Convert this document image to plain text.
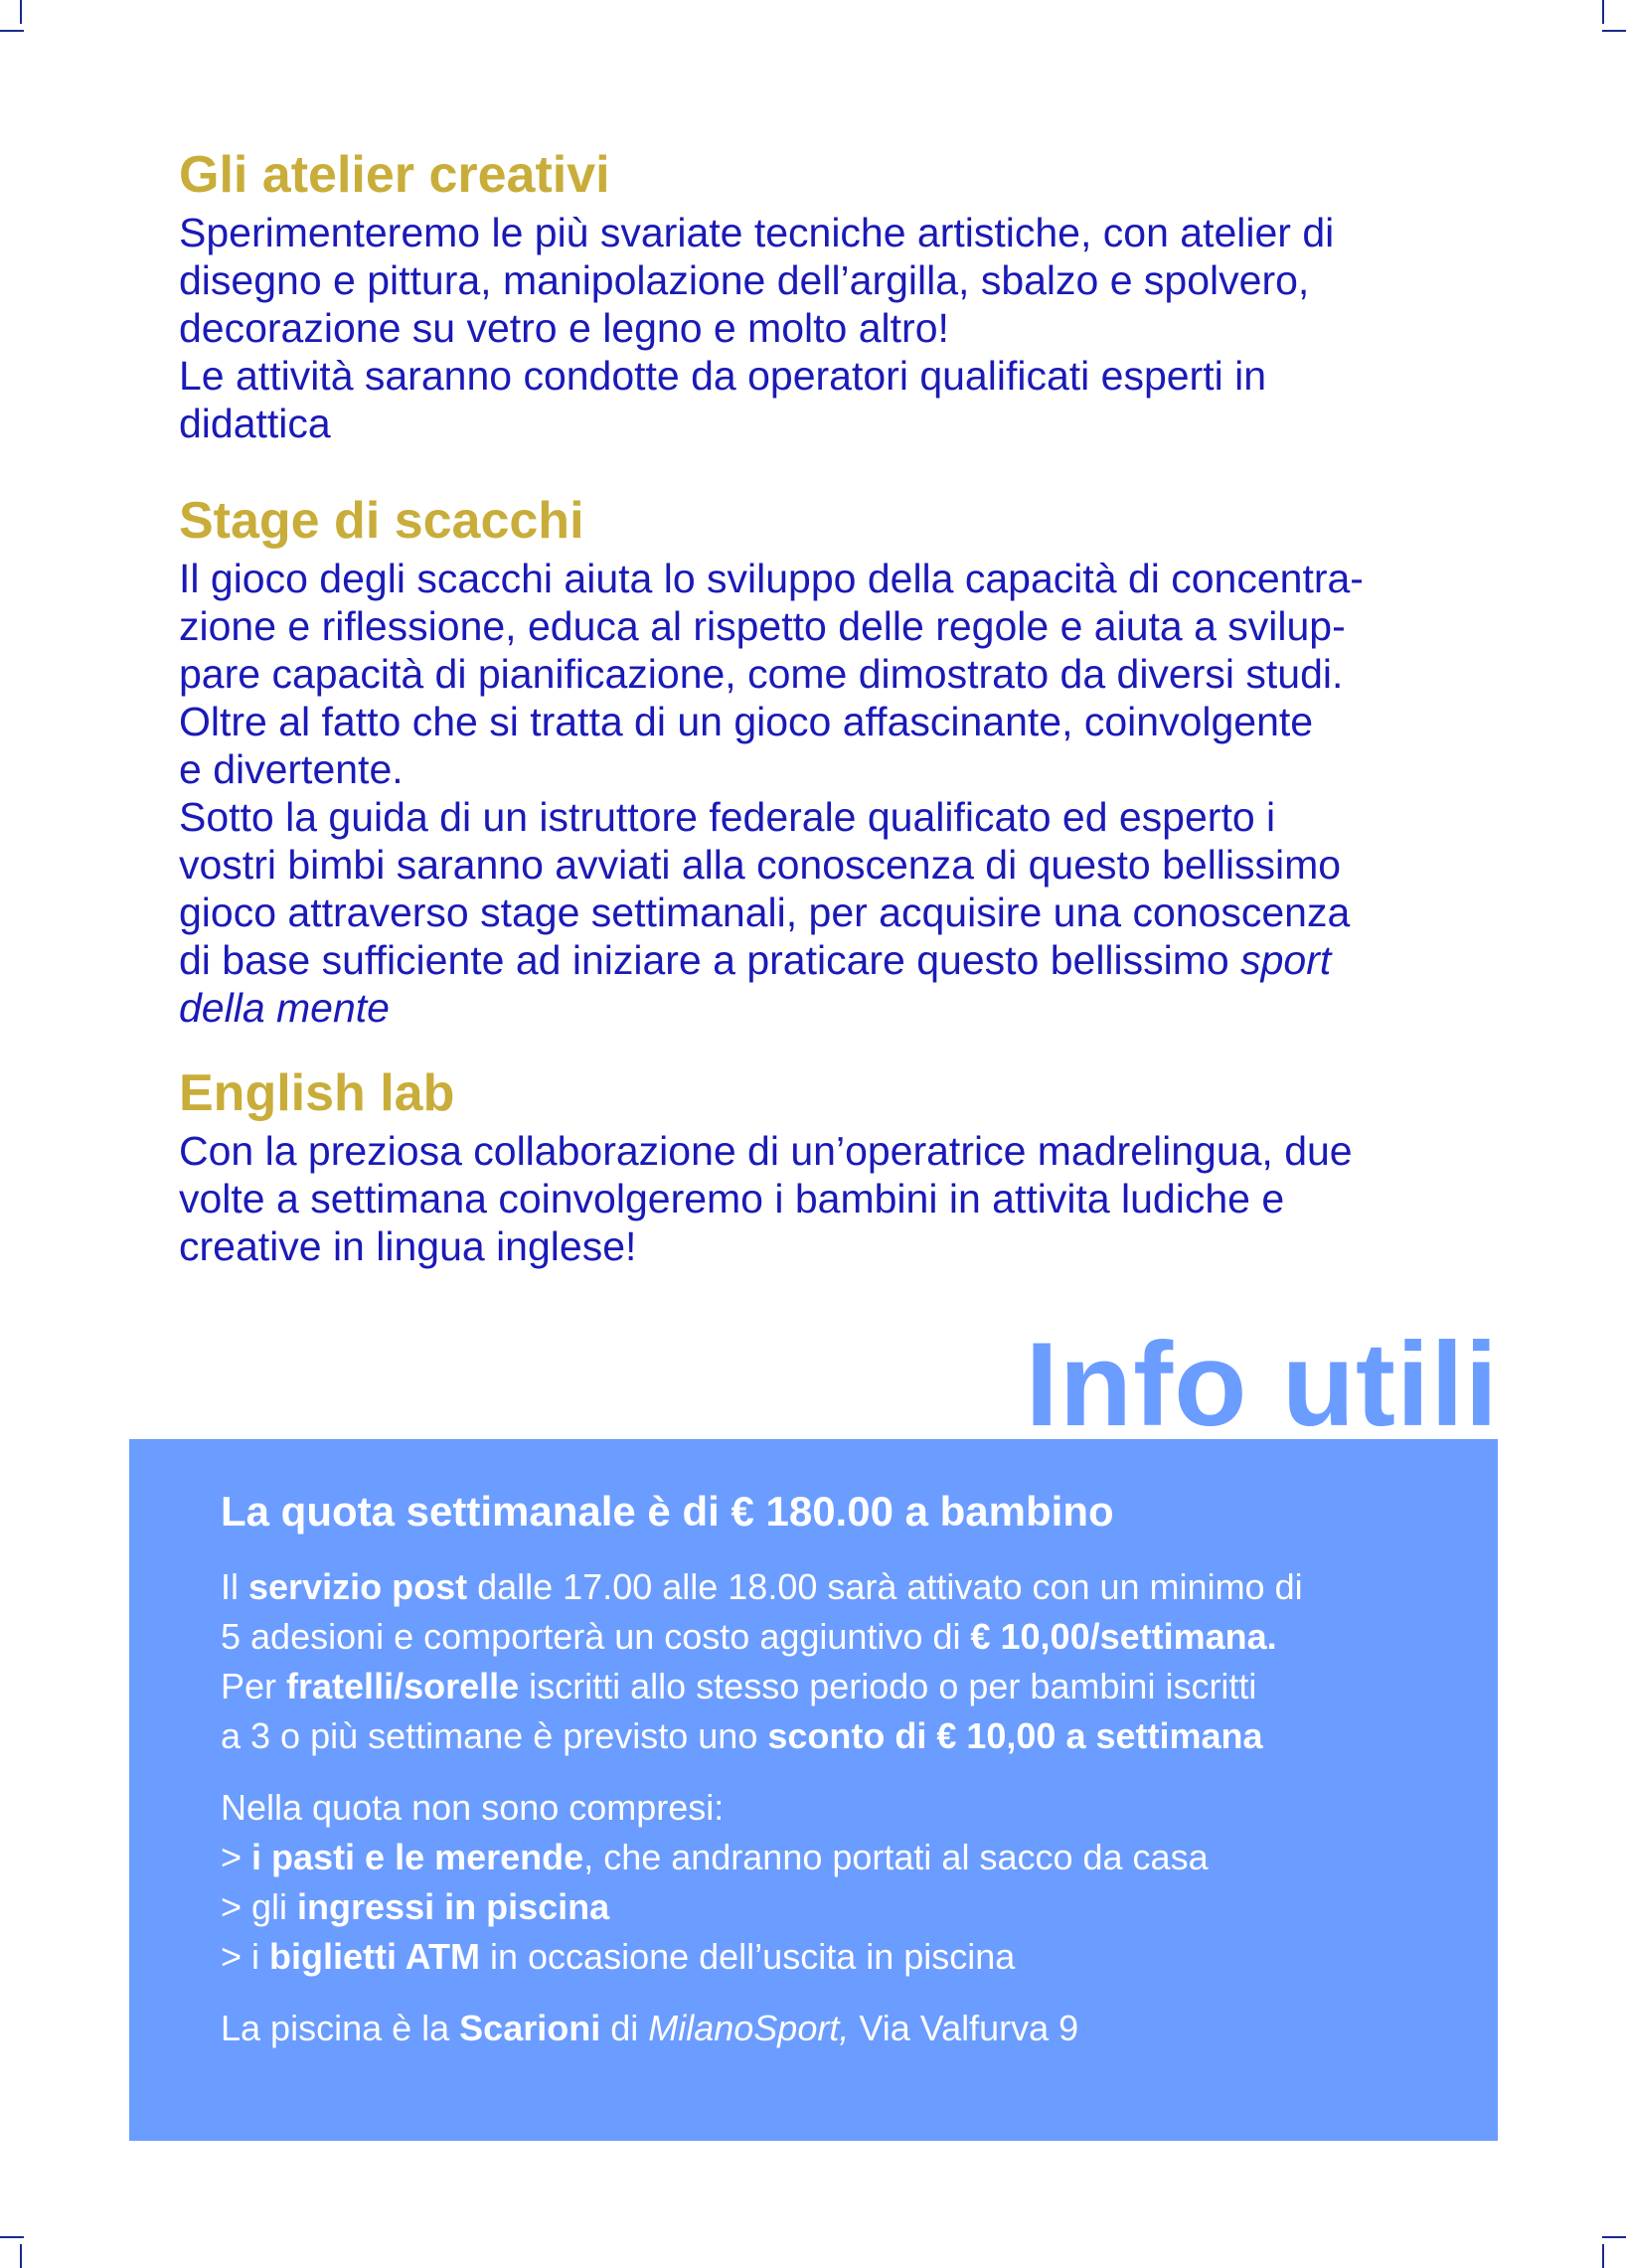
Gli atelier creativi

Sperimenteremo le più svariate tecniche artistiche, con atelier di
disegno e pittura, manipolazione dell’argilla, sbalzo e spolvero,
decorazione su vetro e legno e molto altro!
Le attività saranno condotte da operatori qualificati esperti in
didattica

Stage di scacchi

Il gioco degli scacchi aiuta lo sviluppo della capacità di concentra-
zione e riflessione, educa al rispetto delle regole e aiuta a svilup-
pare capacità di pianificazione, come dimostrato da diversi studi.
Oltre al fatto che si tratta di un gioco affascinante, coinvolgente
e divertente.
Sotto la guida di un istruttore federale qualificato ed esperto i
vostri bimbi saranno avviati alla conoscenza di questo bellissimo
gioco attraverso stage settimanali, per acquisire una conoscenza
di base sufficiente ad iniziare a praticare questo bellissimo sport
della mente

English lab

Con la preziosa collaborazione di un’operatrice madrelingua, due
volte a settimana coinvolgeremo i bambini in attivita ludiche e
creative in lingua inglese!

La quota settimanale è di € 180.00 a bambino

Il servizio post dalle 17.00 alle 18.00 sarà attivato con un minimo di
5 adesioni e comporterà un costo aggiuntivo di € 10,00/settimana.
Per fratelli/sorelle iscritti allo stesso periodo o per bambini iscritti
a 3 o più settimane è previsto uno sconto di € 10,00 a settimana

Nella quota non sono compresi:
> i pasti e le merende, che andranno portati al sacco da casa
> gli ingressi in piscina
> i biglietti ATM in occasione dell’uscita in piscina

La piscina è la Scarioni di MilanoSport, Via Valfurva 9

Info utili
